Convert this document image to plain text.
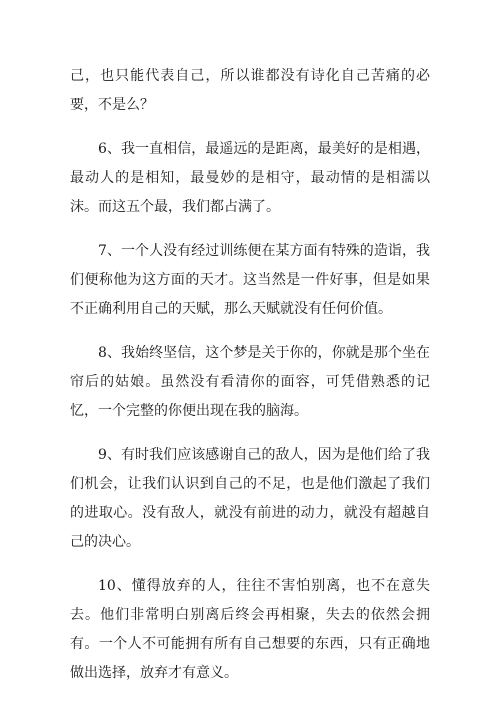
己，也只能代表自己，所以谁都没有诗化自己苦痛的必要，不是么？

6、我一直相信，最遥远的是距离，最美好的是相遇，最动人的是相知，最曼妙的是相守，最动情的是相濡以沫。而这五个最，我们都占满了。

7、一个人没有经过训练便在某方面有特殊的造诣，我们便称他为这方面的天才。这当然是一件好事，但是如果不正确利用自己的天赋，那么天赋就没有任何价值。

8、我始终坚信，这个梦是关于你的，你就是那个坐在帘后的姑娘。虽然没有看清你的面容，可凭借熟悉的记忆，一个完整的你便出现在我的脑海。

9、有时我们应该感谢自己的敌人，因为是他们给了我们机会，让我们认识到自己的不足，也是他们激起了我们的进取心。没有敌人，就没有前进的动力，就没有超越自己的决心。

10、懂得放弃的人，往往不害怕别离，也不在意失去。他们非常明白别离后终会再相聚，失去的依然会拥有。一个人不可能拥有所有自己想要的东西，只有正确地做出选择，放弃才有意义。
